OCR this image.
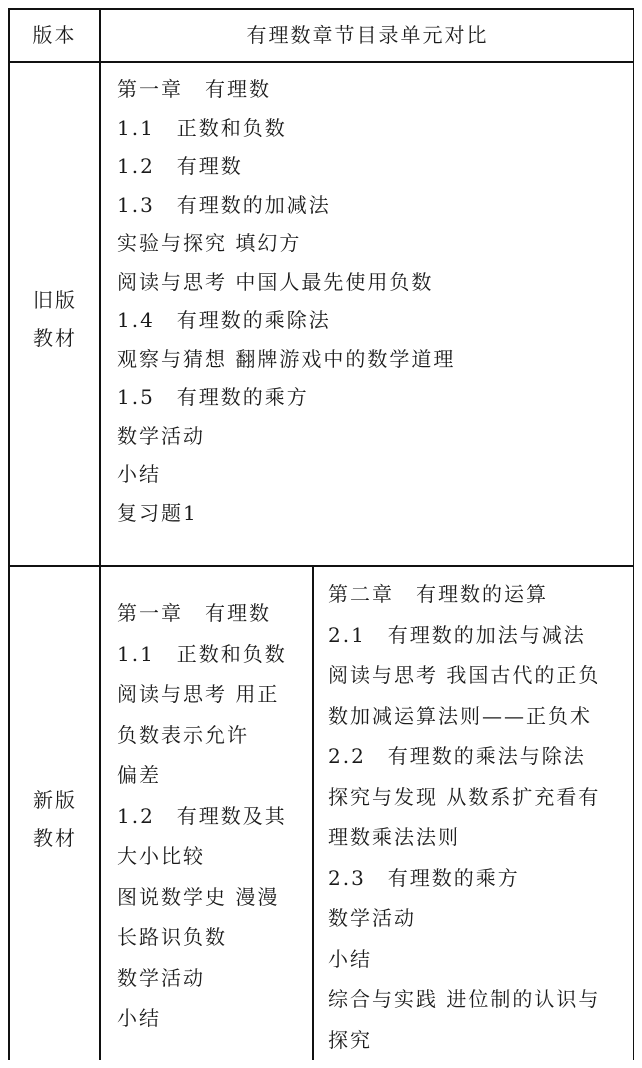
版本	有理数章节目录单元对比
旧版
教材
第一章　有理数
1.1　正数和负数
1.2　有理数
1.3　有理数的加减法
实验与探究 填幻方
阅读与思考 中国人最先使用负数
1.4　有理数的乘除法
观察与猜想 翻牌游戏中的数学道理
1.5　有理数的乘方
数学活动
小结
复习题1
新版
教材
第一章　有理数
1.1　正数和负数
阅读与思考 用正
负数表示允许
偏差
1.2　有理数及其
大小比较
图说数学史 漫漫
长路识负数
数学活动
小结
第二章　有理数的运算
2.1　有理数的加法与减法
阅读与思考 我国古代的正负
数加减运算法则——正负术
2.2　有理数的乘法与除法
探究与发现 从数系扩充看有
理数乘法法则
2.3　有理数的乘方
数学活动
小结
综合与实践 进位制的认识与
探究
